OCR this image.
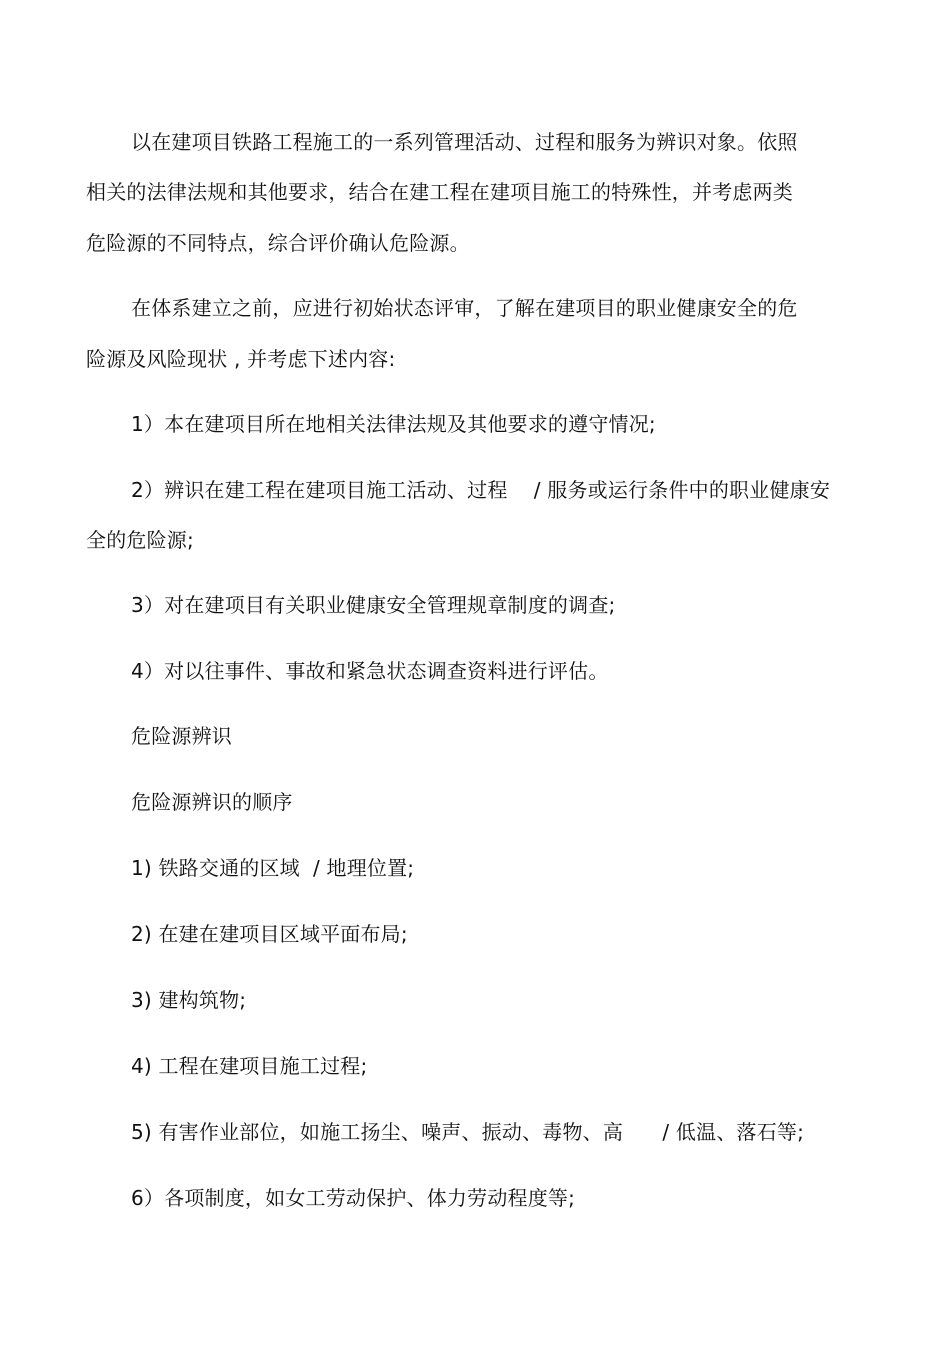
以在建项目铁路工程施工的一系列管理活动、过程和服务为辨识对象。依照
相关的法律法规和其他要求，结合在建工程在建项目施工的特殊性，并考虑两类
危险源的不同特点，综合评价确认危险源。
在体系建立之前，应进行初始状态评审，了解在建项目的职业健康安全的危
险源及风险现状 , 并考虑下述内容:
1）本在建项目所在地相关法律法规及其他要求的遵守情况;
2）辨识在建工程在建项目施工活动、过程    / 服务或运行条件中的职业健康安
全的危险源;
3）对在建项目有关职业健康安全管理规章制度的调查;
4）对以往事件、事故和紧急状态调查资料进行评估。
危险源辨识
危险源辨识的顺序
1) 铁路交通的区域  / 地理位置;
2) 在建在建项目区域平面布局;
3) 建构筑物;
4) 工程在建项目施工过程;
5) 有害作业部位，如施工扬尘、噪声、振动、毒物、高      / 低温、落石等;
6）各项制度，如女工劳动保护、体力劳动程度等;
